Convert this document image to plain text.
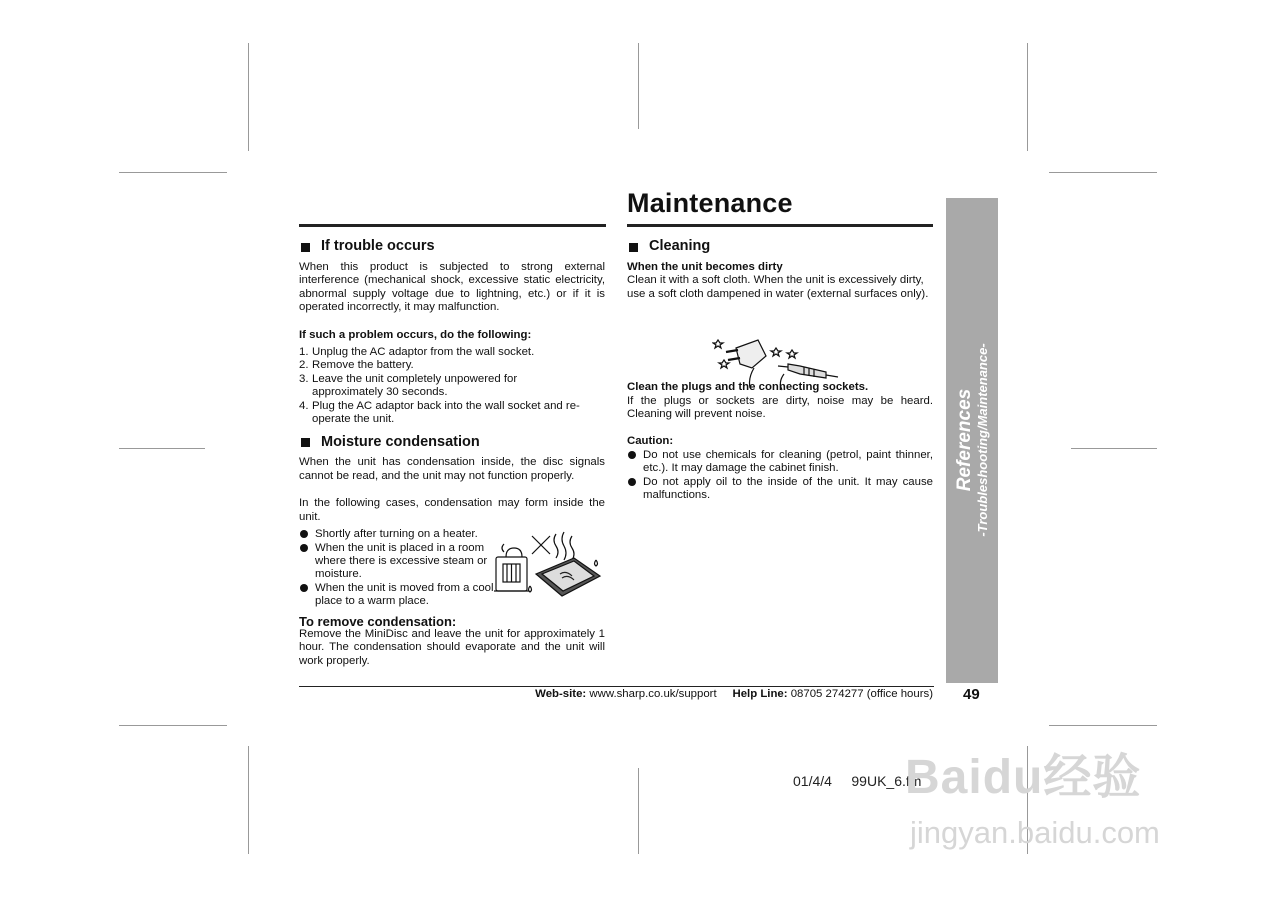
Maintenance
If trouble occurs

When this product is subjected to strong external interference (mechanical shock, excessive static electricity, abnormal supply voltage due to lightning, etc.) or if it is operated incorrectly, it may malfunction.

If such a problem occurs, do the following:

1. Unplug the AC adaptor from the wall socket.
2. Remove the battery.
3. Leave the unit completely unpowered for approximately 30 seconds.
4. Plug the AC adaptor back into the wall socket and re-operate the unit.
Moisture condensation

When the unit has condensation inside, the disc signals cannot be read, and the unit may not function properly.

In the following cases, condensation may form inside the unit.

Shortly after turning on a heater.
When the unit is placed in a room where there is excessive steam or moisture.
When the unit is moved from a cool place to a warm place.

To remove condensation:

Remove the MiniDisc and leave the unit for approximately 1 hour. The condensation should evaporate and the unit will work properly.

Cleaning

When the unit becomes dirty

Clean it with a soft cloth. When the unit is excessively dirty, use a soft cloth dampened in water (external surfaces only).

Clean the plugs and the connecting sockets.

If the plugs or sockets are dirty, noise may be heard. Cleaning will prevent noise.

Caution:

Do not use chemicals for cleaning (petrol, paint thinner, etc.). It may damage the cabinet finish.
Do not apply oil to the inside of the unit. It may cause malfunctions.
References -Troubleshooting/Maintenance-
Web-site: www.sharp.co.uk/support Help Line: 08705 274277 (office hours) 49
01/4/4 99UK_6.fm
Baidu经验
jingyan.baidu.com
